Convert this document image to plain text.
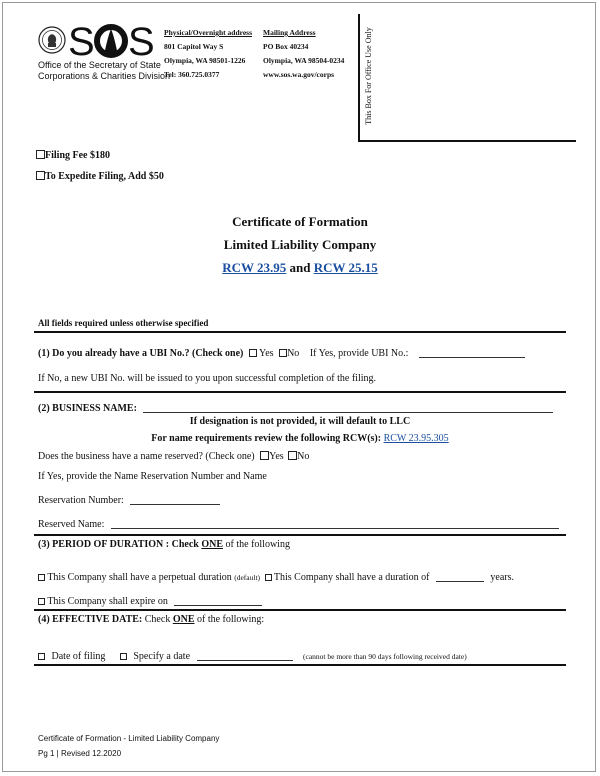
S S
Office of the Secretary of State
Corporations & Charities Division
Physical/Overnight address
801 Capitol Way S
Olympia, WA 98501-1226
Tel: 360.725.0377
Mailing Address
PO Box 40234
Olympia, WA 98504-0234
www.sos.wa.gov/corps	This Box For Office Use Only
Filing Fee $180
To Expedite Filing, Add $50
Certificate of Formation
Limited Liability Company
RCW 23.95 and RCW 25.15
All fields required unless otherwise specified
(1) Do you already have a UBI No.? (Check one) Yes No If Yes, provide UBI No.:
If No, a new UBI No. will be issued to you upon successful completion of the filing.
(2) BUSINESS NAME:
If designation is not provided, it will default to LLC
For name requirements review the following RCW(s): RCW 23.95.305
Does the business have a name reserved? (Check one) Yes No
If Yes, provide the Name Reservation Number and Name
Reservation Number:
Reserved Name:
(3) PERIOD OF DURATION : Check ONE of the following
This Company shall have a perpetual duration (default) This Company shall have a duration of	years.
This Company shall expire on
(4) EFFECTIVE DATE: Check ONE of the following:
Date of filing	Specify a date	(cannot be more than 90 days following received date)
Certificate of Formation - Limited Liability Company
Pg 1 | Revised 12.2020
